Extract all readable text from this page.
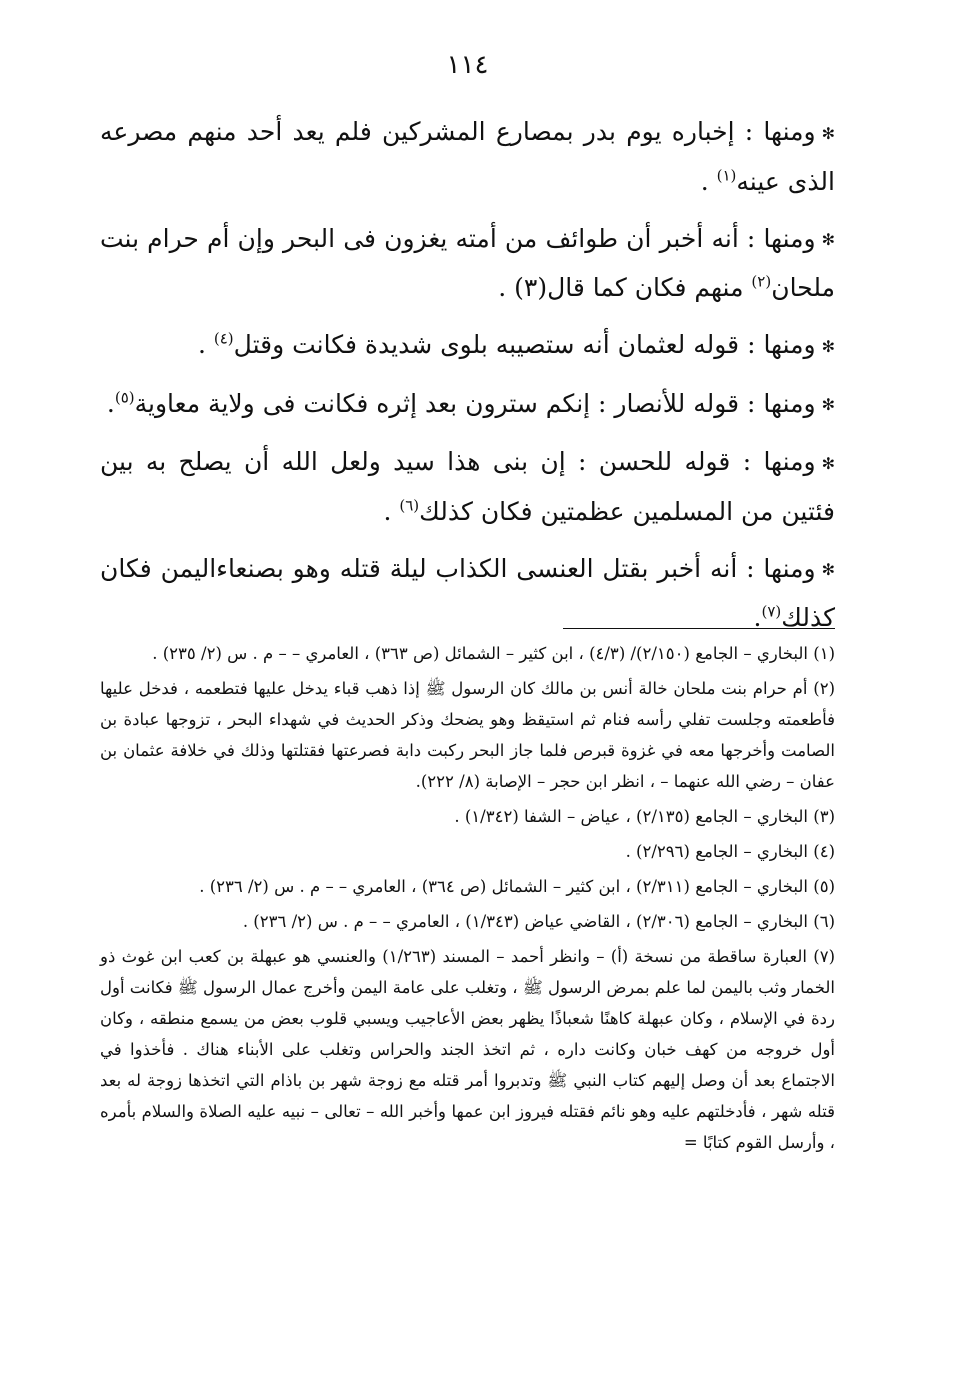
١١٤

✻ومنها : إخباره يوم بدر بمصارع المشركين فلم يعد أحد منهم مصرعه الذى عينه$^{(١)}$ .

✻ومنها : أنه أخبر أن طوائف من أمته يغزون فى البحر وإن أم حرام بنت ملحان$^{(٢)}$ منهم فكان كما قال(٣) .

✻ومنها : قوله لعثمان أنه ستصيبه بلوى شديدة فكانت وقتل$^{(٤)}$ .

✻ومنها : قوله للأنصار : إنكم سترون بعد إثره فكانت فى ولاية معاوية$^{(٥)}$.

✻ومنها : قوله للحسن : إن بنى هذا سيد ولعل الله أن يصلح به بين فئتين من المسلمين عظمتين فكان كذلك$^{(٦)}$ .

✻ومنها : أنه أخبر بقتل العنسى الكذاب ليلة قتله وهو بصنعاءاليمن فكان كذلك$^{(٧)}$.

(١) البخاري – الجامع (٢/١٥٠)/ (٤/٣) ، ابن كثير – الشمائل (ص ٣٦٣) ، العامري – – م . س (٢/ ٢٣٥) .

(٢) أم حرام بنت ملحان خالة أنس بن مالك كان الرسول ﷺ إذا ذهب قباء يدخل عليها فتطعمه ، فدخل عليها فأطعمته وجلست تفلي رأسه فنام ثم استيقظ وهو يضحك وذكر الحديث في شهداء البحر ، تزوجها عبادة بن الصامت وأخرجها معه في غزوة قبرص فلما جاز البحر ركبت دابة فصرعتها فقتلتها وذلك في خلافة عثمان بن عفان – رضي الله عنهما – ، انظر ابن حجر – الإصابة (٨/ ٢٢٢).

(٣) البخاري – الجامع (٢/١٣٥) ، عياض – الشفا (١/٣٤٢) .

(٤) البخاري – الجامع (٢/٢٩٦) .

(٥) البخاري – الجامع (٢/٣١١) ، ابن كثير – الشمائل (ص ٣٦٤) ، العامري – – م . س (٢/ ٢٣٦) .

(٦) البخاري – الجامع (٢/٣٠٦) ، القاضي عياض (١/٣٤٣) ، العامري – – م . س (٢/ ٢٣٦) .

(٧) العبارة ساقطة من نسخة (أ) – وانظر أحمد – المسند (١/٢٦٣) والعنسي هو عبهلة بن كعب ابن غوث ذو الخمار وثب باليمن لما علم بمرض الرسول ﷺ ، وتغلب على عامة اليمن وأخرج عمال الرسول ﷺ فكانت أول ردة في الإسلام ، وكان عبهلة كاهنًا شعباذًا يظهر بعض الأعاجيب ويسبي قلوب بعض من يسمع منطقه ، وكان أول خروجه من كهف خبان وكانت داره ، ثم اتخذ الجند والحراس وتغلب على الأبناء هناك . فأخذوا في الاجتماع بعد أن وصل إليهم كتاب النبي ﷺ وتدبروا أمر قتله مع زوجة شهر بن باذام التي اتخذها زوجة له بعد قتله شهر ، فأدخلتهم عليه وهو نائم فقتله فيروز ابن عمها وأخبر الله – تعالى – نبيه عليه الصلاة والسلام بأمره ، وأرسل القوم كتابًا =
